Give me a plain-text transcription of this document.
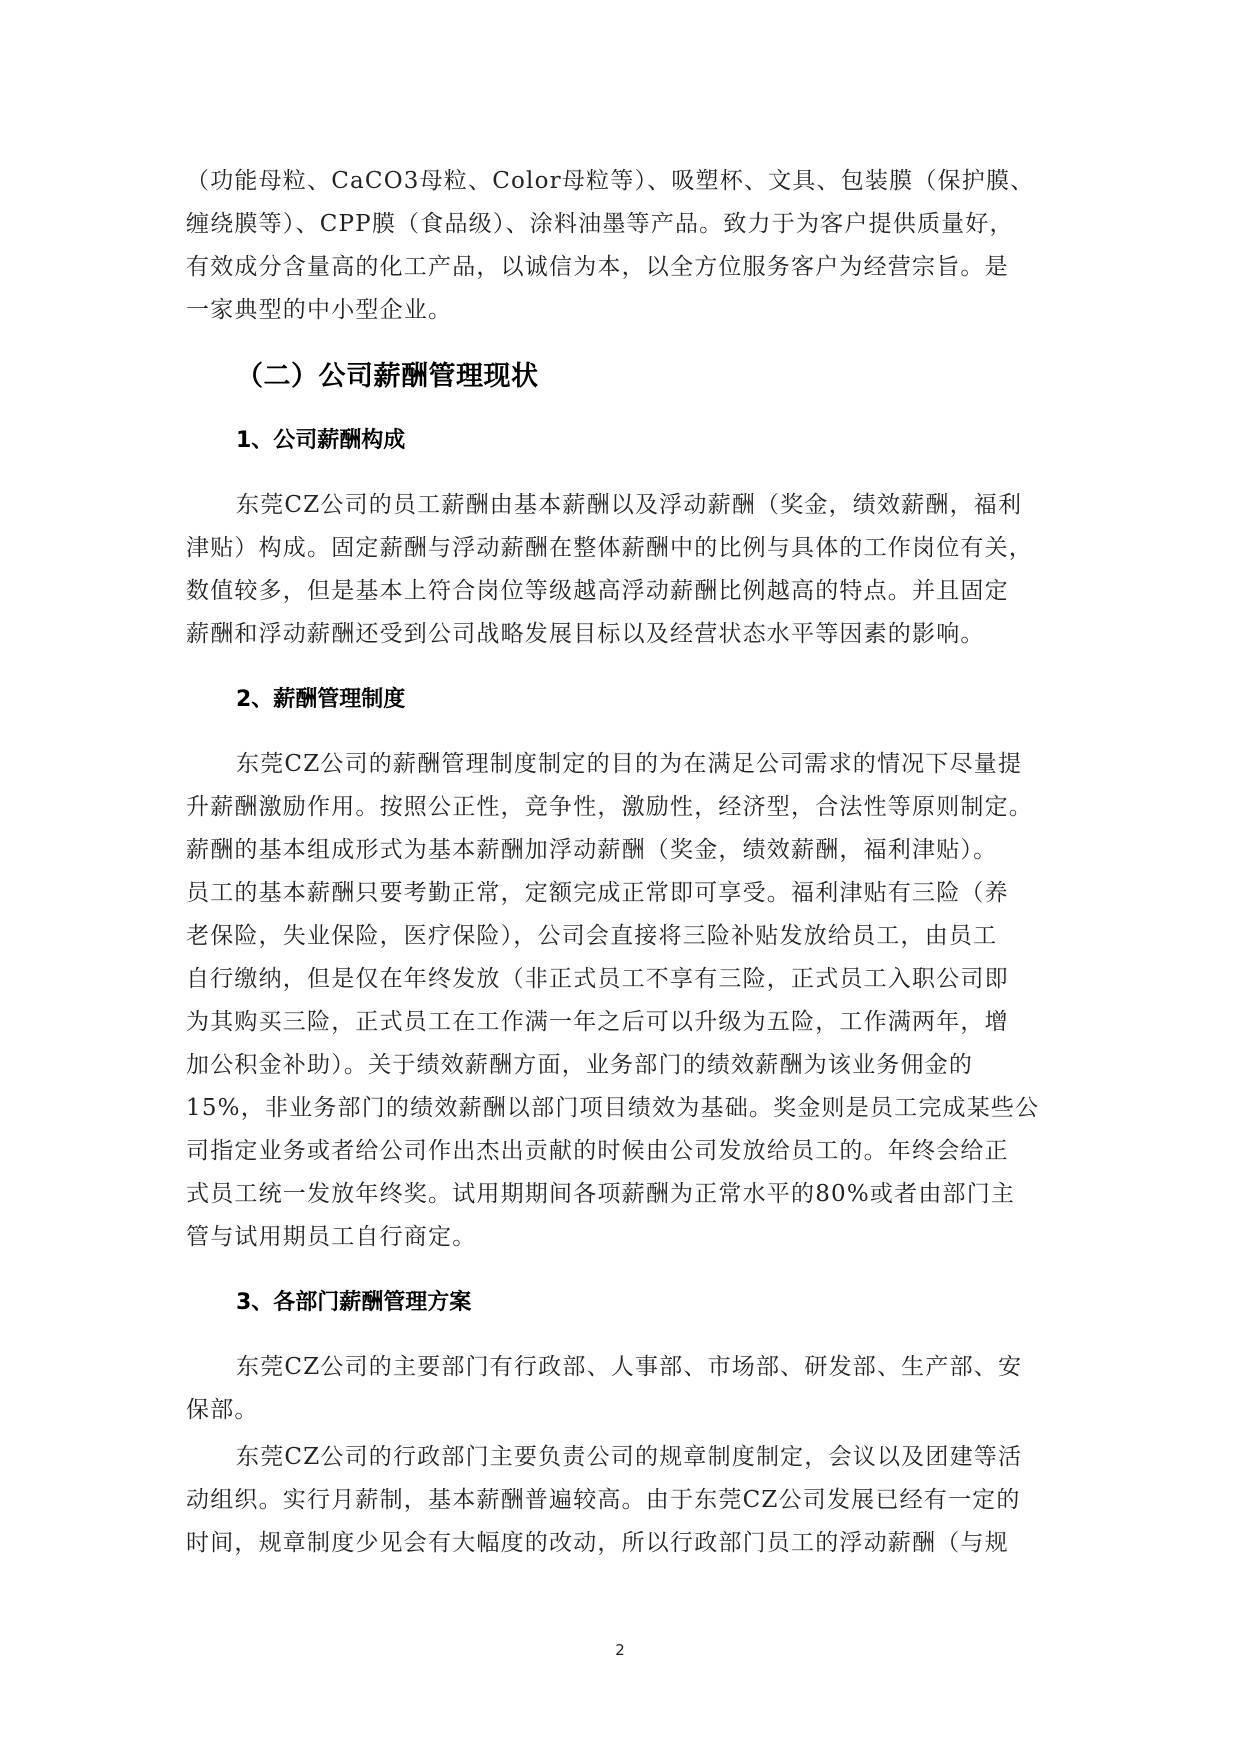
（功能母粒、CaCO3母粒、Color母粒等）、吸塑杯、文具、包装膜（保护膜、
缠绕膜等）、CPP膜（食品级）、涂料油墨等产品。致力于为客户提供质量好，
有效成分含量高的化工产品，以诚信为本，以全方位服务客户为经营宗旨。是
一家典型的中小型企业。
（二）公司薪酬管理现状
1、公司薪酬构成
东莞CZ公司的员工薪酬由基本薪酬以及浮动薪酬（奖金，绩效薪酬，福利
津贴）构成。固定薪酬与浮动薪酬在整体薪酬中的比例与具体的工作岗位有关，
数值较多，但是基本上符合岗位等级越高浮动薪酬比例越高的特点。并且固定
薪酬和浮动薪酬还受到公司战略发展目标以及经营状态水平等因素的影响。
2、薪酬管理制度
东莞CZ公司的薪酬管理制度制定的目的为在满足公司需求的情况下尽量提
升薪酬激励作用。按照公正性，竞争性，激励性，经济型，合法性等原则制定。
薪酬的基本组成形式为基本薪酬加浮动薪酬（奖金，绩效薪酬，福利津贴）。
员工的基本薪酬只要考勤正常，定额完成正常即可享受。福利津贴有三险（养
老保险，失业保险，医疗保险），公司会直接将三险补贴发放给员工，由员工
自行缴纳，但是仅在年终发放（非正式员工不享有三险，正式员工入职公司即
为其购买三险，正式员工在工作满一年之后可以升级为五险，工作满两年，增
加公积金补助）。关于绩效薪酬方面，业务部门的绩效薪酬为该业务佣金的
15%，非业务部门的绩效薪酬以部门项目绩效为基础。奖金则是员工完成某些公
司指定业务或者给公司作出杰出贡献的时候由公司发放给员工的。年终会给正
式员工统一发放年终奖。试用期期间各项薪酬为正常水平的80%或者由部门主
管与试用期员工自行商定。
3、各部门薪酬管理方案
东莞CZ公司的主要部门有行政部、人事部、市场部、研发部、生产部、安
保部。
东莞CZ公司的行政部门主要负责公司的规章制度制定，会议以及团建等活
动组织。实行月薪制，基本薪酬普遍较高。由于东莞CZ公司发展已经有一定的
时间，规章制度少见会有大幅度的改动，所以行政部门员工的浮动薪酬（与规
2
